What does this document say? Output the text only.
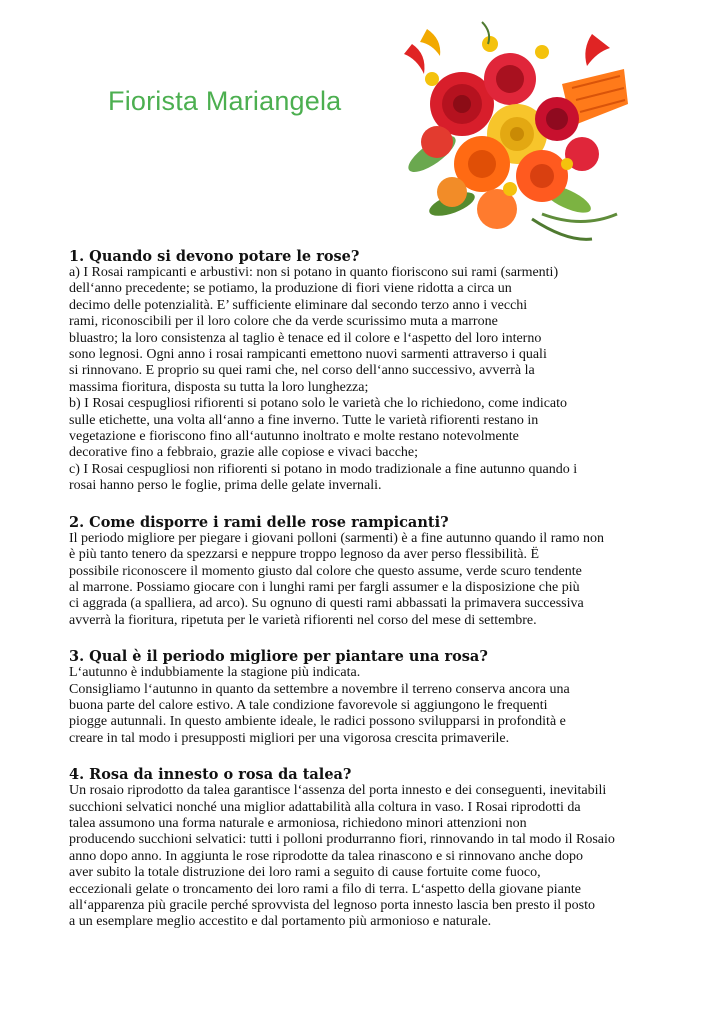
Fiorista Mariangela
1. Quando si devono potare le rose?

a) I Rosai rampicanti e arbustivi: non si potano in quanto fioriscono sui rami (sarmenti)

dell‘anno precedente; se potiamo, la produzione di fiori viene ridotta a circa un

decimo delle potenzialità. E’ sufficiente eliminare dal secondo terzo anno i vecchi

rami, riconoscibili per il loro colore che da verde scurissimo muta a marrone

bluastro; la loro consistenza al taglio è tenace ed il colore e l‘aspetto del loro interno

sono legnosi. Ogni anno i rosai rampicanti emettono nuovi sarmenti attraverso i quali

si rinnovano. E proprio su quei rami che, nel corso dell‘anno successivo, avverrà la

massima fioritura, disposta su tutta la loro lunghezza;

b) I Rosai cespugliosi rifiorenti si potano solo le varietà che lo richiedono, come indicato

sulle etichette, una volta all‘anno a fine inverno. Tutte le varietà rifiorenti restano in

vegetazione e fioriscono fino all‘autunno inoltrato e molte restano notevolmente

decorative fino a febbraio, grazie alle copiose e vivaci bacche;

c) I Rosai cespugliosi non rifiorenti si potano in modo tradizionale a fine autunno quando i

rosai hanno perso le foglie, prima delle gelate invernali.

2. Come disporre i rami delle rose rampicanti?

Il periodo migliore per piegare i giovani polloni (sarmenti) è a fine autunno quando il ramo non

è più tanto tenero da spezzarsi e neppure troppo legnoso da aver perso flessibilità. Ë

possibile riconoscere il momento giusto dal colore che questo assume, verde scuro tendente

al marrone. Possiamo giocare con i lunghi rami per fargli assumer e la disposizione che più

ci aggrada (a spalliera, ad arco). Su ognuno di questi rami abbassati la primavera successiva

avverrà la fioritura, ripetuta per le varietà rifiorenti nel corso del mese di settembre.

3. Qual è il periodo migliore per piantare una rosa?

L‘autunno è indubbiamente la stagione più indicata.

Consigliamo l‘autunno in quanto da settembre a novembre il terreno conserva ancora una

buona parte del calore estivo. A tale condizione favorevole si aggiungono le frequenti

piogge autunnali. In questo ambiente ideale, le radici possono svilupparsi in profondità e

creare in tal modo i presupposti migliori per una vigorosa crescita primaverile.

4. Rosa da innesto o rosa da talea?

Un rosaio riprodotto da talea garantisce l‘assenza del porta innesto e dei conseguenti, inevitabili

succhioni selvatici nonché una miglior adattabilità alla coltura in vaso. I Rosai riprodotti da

talea assumono una forma naturale e armoniosa, richiedono minori attenzioni non

producendo succhioni selvatici: tutti i polloni produrranno fiori, rinnovando in tal modo il Rosaio

anno dopo anno. In aggiunta le rose riprodotte da talea rinascono e si rinnovano anche dopo

aver subito la totale distruzione dei loro rami a seguito di cause fortuite come fuoco,

eccezionali gelate o troncamento dei loro rami a filo di terra. L‘aspetto della giovane piante

all‘apparenza più gracile perché sprovvista del legnoso porta innesto lascia ben presto il posto

a un esemplare meglio accestito e dal portamento più armonioso e naturale.
